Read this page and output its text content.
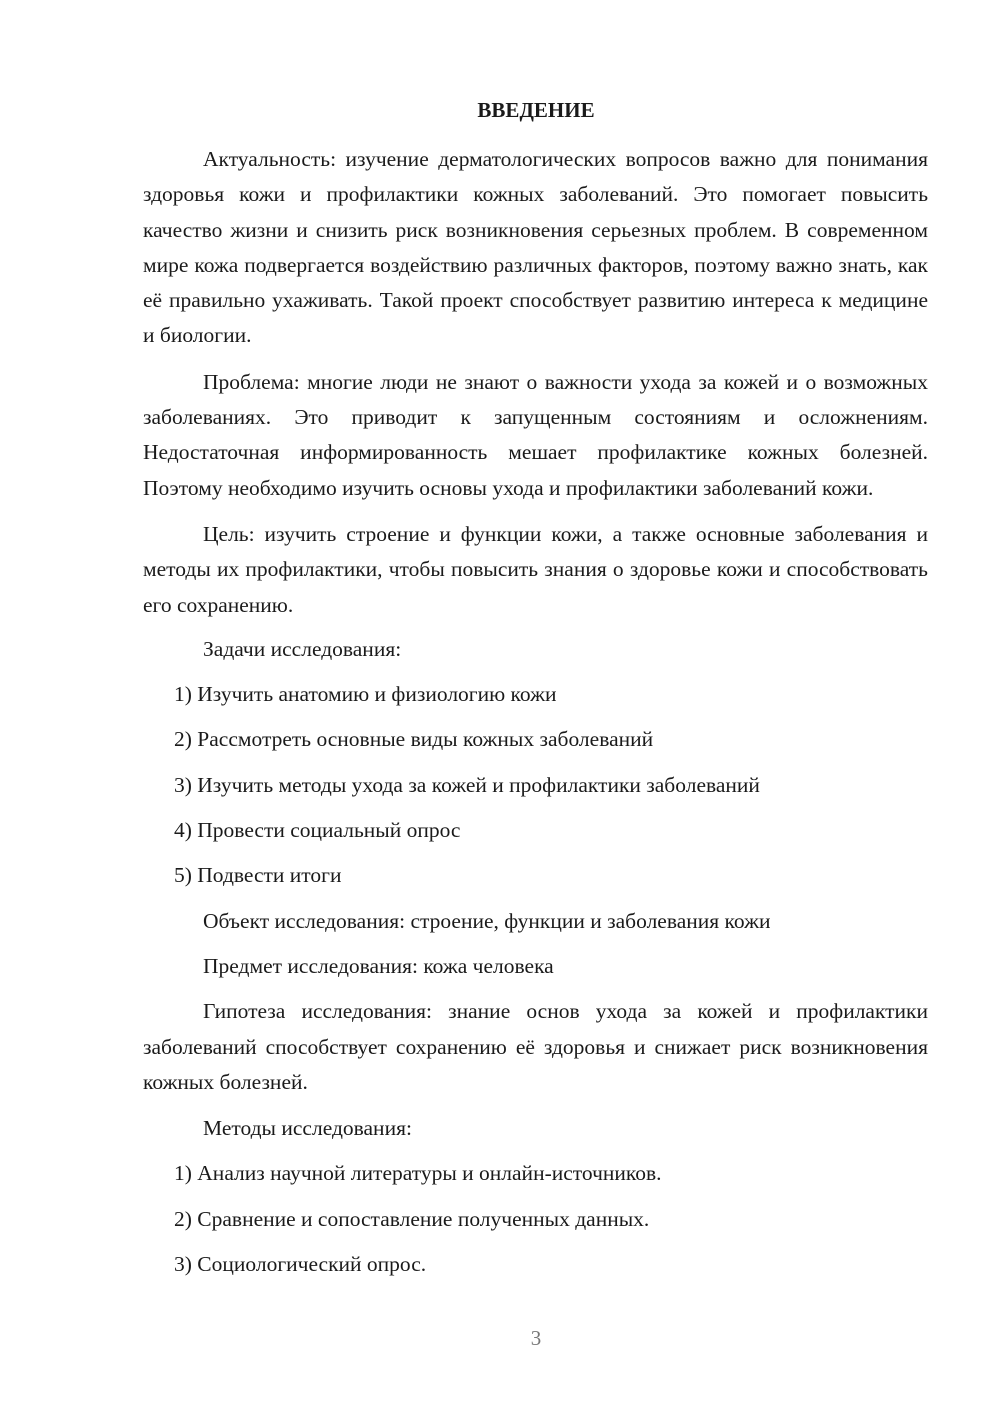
ВВЕДЕНИЕ

Актуальность: изучение дерматологических вопросов важно для понимания здоровья кожи и профилактики кожных заболеваний. Это помогает повысить качество жизни и снизить риск возникновения серьезных проблем. В современном мире кожа подвергается воздействию различных факторов, поэтому важно знать, как её правильно ухаживать. Такой проект способствует развитию интереса к медицине и биологии.

Проблема: многие люди не знают о важности ухода за кожей и о возможных заболеваниях. Это приводит к запущенным состояниям и осложнениям. Недостаточная информированность мешает профилактике кожных болезней. Поэтому необходимо изучить основы ухода и профилактики заболеваний кожи.

Цель: изучить строение и функции кожи, а также основные заболевания и методы их профилактики, чтобы повысить знания о здоровье кожи и способствовать его сохранению.

Задачи исследования:

1) Изучить анатомию и физиологию кожи

2) Рассмотреть основные виды кожных заболеваний

3) Изучить методы ухода за кожей и профилактики заболеваний

4) Провести социальный опрос

5) Подвести итоги

Объект исследования: строение, функции и заболевания кожи

Предмет исследования: кожа человека

Гипотеза исследования: знание основ ухода за кожей и профилактики заболеваний способствует сохранению её здоровья и снижает риск возникновения кожных болезней.

Методы исследования:

1) Анализ научной литературы и онлайн-источников.

2) Сравнение и сопоставление полученных данных.

3) Социологический опрос.

3
